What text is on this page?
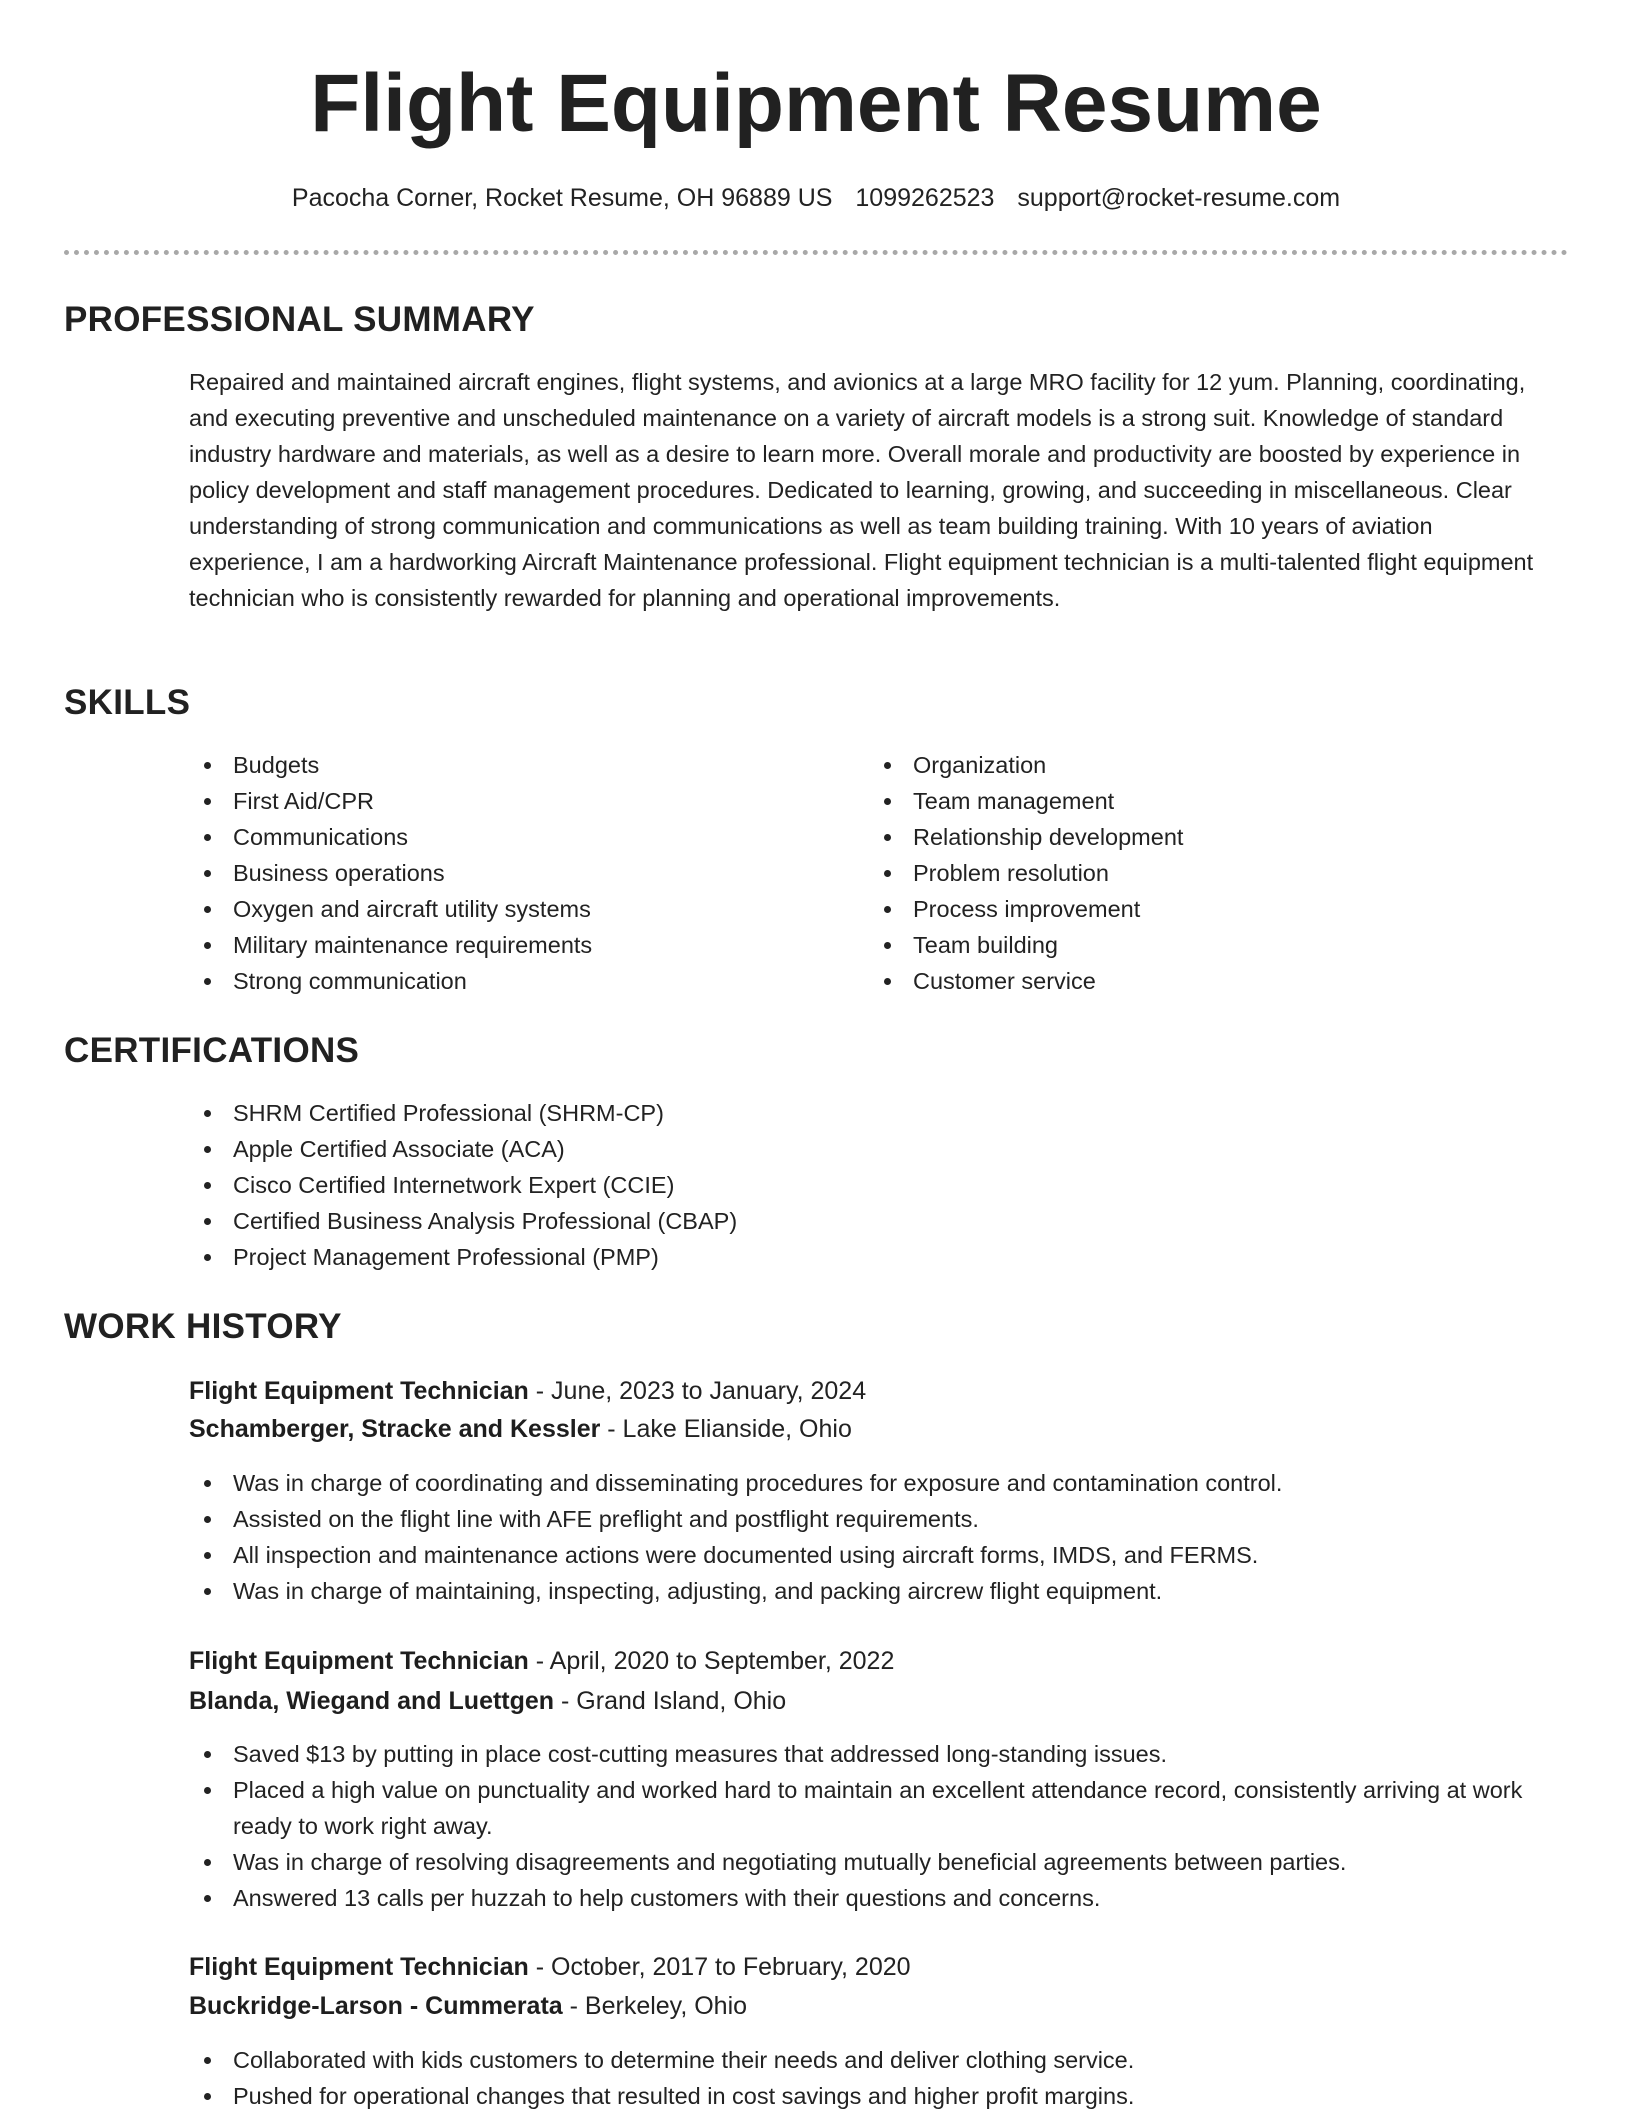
Flight Equipment Resume
Pacocha Corner, Rocket Resume, OH 96889 US 1099262523 support@rocket-resume.com
PROFESSIONAL SUMMARY
Repaired and maintained aircraft engines, flight systems, and avionics at a large MRO facility for 12 yum. Planning, coordinating, and executing preventive and unscheduled maintenance on a variety of aircraft models is a strong suit. Knowledge of standard industry hardware and materials, as well as a desire to learn more. Overall morale and productivity are boosted by experience in policy development and staff management procedures. Dedicated to learning, growing, and succeeding in miscellaneous. Clear understanding of strong communication and communications as well as team building training. With 10 years of aviation experience, I am a hardworking Aircraft Maintenance professional. Flight equipment technician is a multi-talented flight equipment technician who is consistently rewarded for planning and operational improvements.
SKILLS
Budgets
First Aid/CPR
Communications
Business operations
Oxygen and aircraft utility systems
Military maintenance requirements
Strong communication
Organization
Team management
Relationship development
Problem resolution
Process improvement
Team building
Customer service
CERTIFICATIONS
SHRM Certified Professional (SHRM-CP)
Apple Certified Associate (ACA)
Cisco Certified Internetwork Expert (CCIE)
Certified Business Analysis Professional (CBAP)
Project Management Professional (PMP)
WORK HISTORY
Flight Equipment Technician - June, 2023 to January, 2024
Schamberger, Stracke and Kessler - Lake Elianside, Ohio
Was in charge of coordinating and disseminating procedures for exposure and contamination control.
Assisted on the flight line with AFE preflight and postflight requirements.
All inspection and maintenance actions were documented using aircraft forms, IMDS, and FERMS.
Was in charge of maintaining, inspecting, adjusting, and packing aircrew flight equipment.
Flight Equipment Technician - April, 2020 to September, 2022
Blanda, Wiegand and Luettgen - Grand Island, Ohio
Saved $13 by putting in place cost-cutting measures that addressed long-standing issues.
Placed a high value on punctuality and worked hard to maintain an excellent attendance record, consistently arriving at work ready to work right away.
Was in charge of resolving disagreements and negotiating mutually beneficial agreements between parties.
Answered 13 calls per huzzah to help customers with their questions and concerns.
Flight Equipment Technician - October, 2017 to February, 2020
Buckridge-Larson - Cummerata - Berkeley, Ohio
Collaborated with kids customers to determine their needs and deliver clothing service.
Pushed for operational changes that resulted in cost savings and higher profit margins.
